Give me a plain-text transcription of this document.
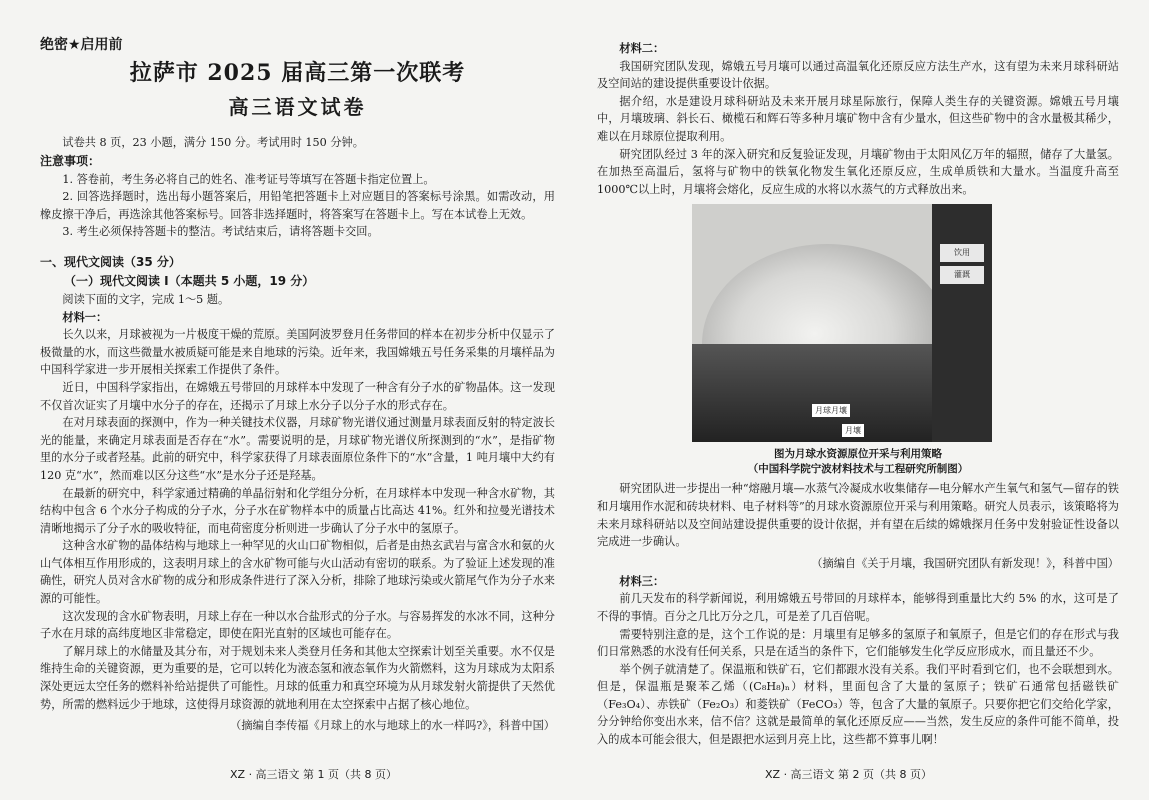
绝密★启用前
拉萨市 2025 届高三第一次联考
高三语文试卷

试卷共 8 页，23 小题，满分 150 分。考试用时 150 分钟。

注意事项：

1. 答卷前，考生务必将自己的姓名、准考证号等填写在答题卡指定位置上。

2. 回答选择题时，选出每小题答案后，用铅笔把答题卡上对应题目的答案标号涂黑。如需改动，用橡皮擦干净后，再选涂其他答案标号。回答非选择题时，将答案写在答题卡上。写在本试卷上无效。

3. 考生必须保持答题卡的整洁。考试结束后，请将答题卡交回。

一、现代文阅读（35 分）

（一）现代文阅读 Ⅰ（本题共 5 小题，19 分）

阅读下面的文字，完成 1～5 题。

材料一：

长久以来，月球被视为一片极度干燥的荒原。美国阿波罗登月任务带回的样本在初步分析中仅显示了极微量的水，而这些微量水被质疑可能是来自地球的污染。近年来，我国嫦娥五号任务采集的月壤样品为中国科学家进一步开展相关探索工作提供了条件。

近日，中国科学家指出，在嫦娥五号带回的月球样本中发现了一种含有分子水的矿物晶体。这一发现不仅首次证实了月壤中水分子的存在，还揭示了月球上水分子以分子水的形式存在。

在对月球表面的探测中，作为一种关键技术仪器，月球矿物光谱仪通过测量月球表面反射的特定波长光的能量，来确定月球表面是否存在“水”。需要说明的是，月球矿物光谱仪所探测到的“水”，是指矿物里的水分子或者羟基。此前的研究中，科学家获得了月球表面原位条件下的“水”含量，1 吨月壤中大约有 120 克“水”，然而难以区分这些“水”是水分子还是羟基。

在最新的研究中，科学家通过精确的单晶衍射和化学组分分析，在月球样本中发现一种含水矿物，其结构中包含 6 个水分子构成的分子水，分子水在矿物样本中的质量占比高达 41%。红外和拉曼光谱技术清晰地揭示了分子水的吸收特征，而电荷密度分析则进一步确认了分子水中的氢原子。

这种含水矿物的晶体结构与地球上一种罕见的火山口矿物相似，后者是由热玄武岩与富含水和氨的火山气体相互作用形成的，这表明月球上的含水矿物可能与火山活动有密切的联系。为了验证上述发现的准确性，研究人员对含水矿物的成分和形成条件进行了深入分析，排除了地球污染或火箭尾气作为分子水来源的可能性。

这次发现的含水矿物表明，月球上存在一种以水合盐形式的分子水。与容易挥发的水冰不同，这种分子水在月球的高纬度地区非常稳定，即使在阳光直射的区域也可能存在。

了解月球上的水储量及其分布，对于规划未来人类登月任务和其他太空探索计划至关重要。水不仅是维持生命的关键资源，更为重要的是，它可以转化为液态氢和液态氧作为火箭燃料，这为月球成为太阳系深处更远太空任务的燃料补给站提供了可能性。月球的低重力和真空环境为从月球发射火箭提供了天然优势，所需的燃料远少于地球，这使得月球资源的就地利用在太空探索中占据了核心地位。

（摘编自李传福《月球上的水与地球上的水一样吗?》，科普中国）

XZ · 高三语文 第 1 页（共 8 页）

材料二：

我国研究团队发现，嫦娥五号月壤可以通过高温氧化还原反应方法生产水，这有望为未来月球科研站及空间站的建设提供重要设计依据。

据介绍，水是建设月球科研站及未来开展月球星际旅行，保障人类生存的关键资源。嫦娥五号月壤中，月壤玻璃、斜长石、橄榄石和辉石等多种月壤矿物中含有少量水，但这些矿物中的含水量极其稀少，难以在月球原位提取利用。

研究团队经过 3 年的深入研究和反复验证发现，月壤矿物由于太阳风亿万年的辐照，储存了大量氢。在加热至高温后，氢将与矿物中的铁氧化物发生氧化还原反应，生成单质铁和大量水。当温度升高至 1000℃以上时，月壤将会熔化，反应生成的水将以水蒸气的方式释放出来。

饮用
灌溉
月球月壤
月壤
图为月球水资源原位开采与利用策略
（中国科学院宁波材料技术与工程研究所制图）

研究团队进一步提出一种“熔融月壤—水蒸气冷凝成水收集储存—电分解水产生氧气和氢气—留存的铁和月壤用作水泥和砖块材料、电子材料等”的月球水资源原位开采与利用策略。研究人员表示，该策略将为未来月球科研站以及空间站建设提供重要的设计依据，并有望在后续的嫦娥探月任务中发射验证性设备以完成进一步确认。

（摘编自《关于月壤，我国研究团队有新发现！》，科普中国）

材料三：

前几天发布的科学新闻说，利用嫦娥五号带回的月球样本，能够得到重量比大约 5% 的水，这可是了不得的事情。百分之几比万分之几，可是差了几百倍呢。

需要特别注意的是，这个工作说的是：月壤里有足够多的氢原子和氧原子，但是它们的存在形式与我们日常熟悉的水没有任何关系，只是在适当的条件下，它们能够发生化学反应形成水，而且量还不少。

举个例子就清楚了。保温瓶和铁矿石，它们都跟水没有关系。我们平时看到它们，也不会联想到水。但是，保温瓶是聚苯乙烯（(C₈H₈)ₙ）材料，里面包含了大量的氢原子；铁矿石通常包括磁铁矿（Fe₃O₄）、赤铁矿（Fe₂O₃）和菱铁矿（FeCO₃）等，包含了大量的氧原子。只要你把它们交给化学家，分分钟给你变出水来，信不信？这就是最简单的氧化还原反应——当然，发生反应的条件可能不简单，投入的成本可能会很大，但是跟把水运到月亮上比，这些都不算事儿啊！

XZ · 高三语文 第 2 页（共 8 页）
